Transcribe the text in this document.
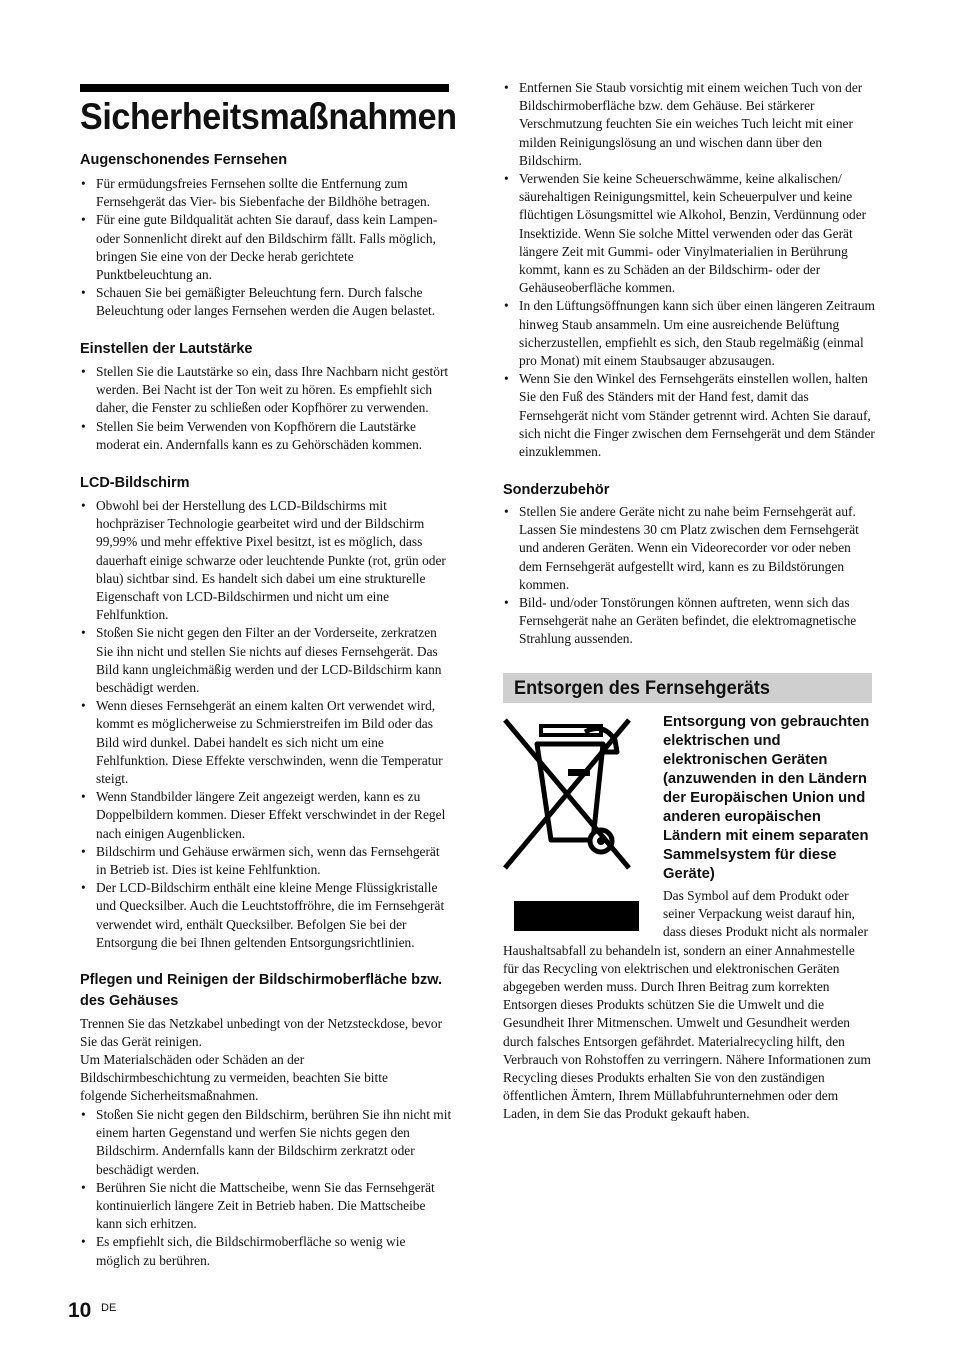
Sicherheitsmaßnahmen
Augenschonendes Fernsehen
• Für ermüdungsfreies Fernsehen sollte die Entfernung zum Fernsehgerät das Vier- bis Siebenfache der Bildhöhe betragen.
• Für eine gute Bildqualität achten Sie darauf, dass kein Lampen- oder Sonnenlicht direkt auf den Bildschirm fällt. Falls möglich, bringen Sie eine von der Decke herab gerichtete Punktbeleuchtung an.
• Schauen Sie bei gemäßigter Beleuchtung fern. Durch falsche Beleuchtung oder langes Fernsehen werden die Augen belastet.
Einstellen der Lautstärke
• Stellen Sie die Lautstärke so ein, dass Ihre Nachbarn nicht gestört werden. Bei Nacht ist der Ton weit zu hören. Es empfiehlt sich daher, die Fenster zu schließen oder Kopfhörer zu verwenden.
• Stellen Sie beim Verwenden von Kopfhörern die Lautstärke moderat ein. Andernfalls kann es zu Gehörschäden kommen.
LCD-Bildschirm
• Obwohl bei der Herstellung des LCD-Bildschirms mit hochpräziser Technologie gearbeitet wird und der Bildschirm 99,99% und mehr effektive Pixel besitzt, ist es möglich, dass dauerhaft einige schwarze oder leuchtende Punkte (rot, grün oder blau) sichtbar sind. Es handelt sich dabei um eine strukturelle Eigenschaft von LCD-Bildschirmen und nicht um eine Fehlfunktion.
• Stoßen Sie nicht gegen den Filter an der Vorderseite, zerkratzen Sie ihn nicht und stellen Sie nichts auf dieses Fernsehgerät. Das Bild kann ungleichmäßig werden und der LCD-Bildschirm kann beschädigt werden.
• Wenn dieses Fernsehgerät an einem kalten Ort verwendet wird, kommt es möglicherweise zu Schmierstreifen im Bild oder das Bild wird dunkel. Dabei handelt es sich nicht um eine Fehlfunktion. Diese Effekte verschwinden, wenn die Temperatur steigt.
• Wenn Standbilder längere Zeit angezeigt werden, kann es zu Doppelbildern kommen. Dieser Effekt verschwindet in der Regel nach einigen Augenblicken.
• Bildschirm und Gehäuse erwärmen sich, wenn das Fernsehgerät in Betrieb ist. Dies ist keine Fehlfunktion.
• Der LCD-Bildschirm enthält eine kleine Menge Flüssigkristalle und Quecksilber. Auch die Leuchtstoffröhre, die im Fernsehgerät verwendet wird, enthält Quecksilber. Befolgen Sie bei der Entsorgung die bei Ihnen geltenden Entsorgungsrichtlinien.
Pflegen und Reinigen der Bildschirmoberfläche bzw. des Gehäuses

Trennen Sie das Netzkabel unbedingt von der Netzsteckdose, bevor Sie das Gerät reinigen.

Um Materialschäden oder Schäden an der Bildschirmbeschichtung zu vermeiden, beachten Sie bitte folgende Sicherheitsmaßnahmen.

• Stoßen Sie nicht gegen den Bildschirm, berühren Sie ihn nicht mit einem harten Gegenstand und werfen Sie nichts gegen den Bildschirm. Andernfalls kann der Bildschirm zerkratzt oder beschädigt werden.
• Berühren Sie nicht die Mattscheibe, wenn Sie das Fernsehgerät kontinuierlich längere Zeit in Betrieb haben. Die Mattscheibe kann sich erhitzen.
• Es empfiehlt sich, die Bildschirmoberfläche so wenig wie möglich zu berühren.
• Entfernen Sie Staub vorsichtig mit einem weichen Tuch von der Bildschirmoberfläche bzw. dem Gehäuse. Bei stärkerer Verschmutzung feuchten Sie ein weiches Tuch leicht mit einer milden Reinigungslösung an und wischen dann über den Bildschirm.
• Verwenden Sie keine Scheuerschwämme, keine alkalischen/ säurehaltigen Reinigungsmittel, kein Scheuerpulver und keine flüchtigen Lösungsmittel wie Alkohol, Benzin, Verdünnung oder Insektizide. Wenn Sie solche Mittel verwenden oder das Gerät längere Zeit mit Gummi- oder Vinylmaterialien in Berührung kommt, kann es zu Schäden an der Bildschirm- oder der Gehäuseoberfläche kommen.
• In den Lüftungsöffnungen kann sich über einen längeren Zeitraum hinweg Staub ansammeln. Um eine ausreichende Belüftung sicherzustellen, empfiehlt es sich, den Staub regelmäßig (einmal pro Monat) mit einem Staubsauger abzusaugen.
• Wenn Sie den Winkel des Fernsehgeräts einstellen wollen, halten Sie den Fuß des Ständers mit der Hand fest, damit das Fernsehgerät nicht vom Ständer getrennt wird. Achten Sie darauf, sich nicht die Finger zwischen dem Fernsehgerät und dem Ständer einzuklemmen.
Sonderzubehör
• Stellen Sie andere Geräte nicht zu nahe beim Fernsehgerät auf. Lassen Sie mindestens 30 cm Platz zwischen dem Fernsehgerät und anderen Geräten. Wenn ein Videorecorder vor oder neben dem Fernsehgerät aufgestellt wird, kann es zu Bildstörungen kommen.
• Bild- und/oder Tonstörungen können auftreten, wenn sich das Fernsehgerät nahe an Geräten befindet, die elektromagnetische Strahlung aussenden.
Entsorgen des Fernsehgeräts
Entsorgung von gebrauchten elektrischen und elektronischen Geräten (anzuwenden in den Ländern der Europäischen Union und anderen europäischen Ländern mit einem separaten Sammelsystem für diese Geräte)

Das Symbol auf dem Produkt oder seiner Verpackung weist darauf hin, dass dieses Produkt nicht als normaler Haushaltsabfall zu behandeln ist, sondern an einer Annahmestelle für das Recycling von elektrischen und elektronischen Geräten abgegeben werden muss. Durch Ihren Beitrag zum korrekten Entsorgen dieses Produkts schützen Sie die Umwelt und die Gesundheit Ihrer Mitmenschen. Umwelt und Gesundheit werden durch falsches Entsorgen gefährdet. Materialrecycling hilft, den Verbrauch von Rohstoffen zu verringern. Nähere Informationen zum Recycling dieses Produkts erhalten Sie von den zuständigen öffentlichen Ämtern, Ihrem Müllabfuhrunternehmen oder dem Laden, in dem Sie das Produkt gekauft haben.

10 DE
